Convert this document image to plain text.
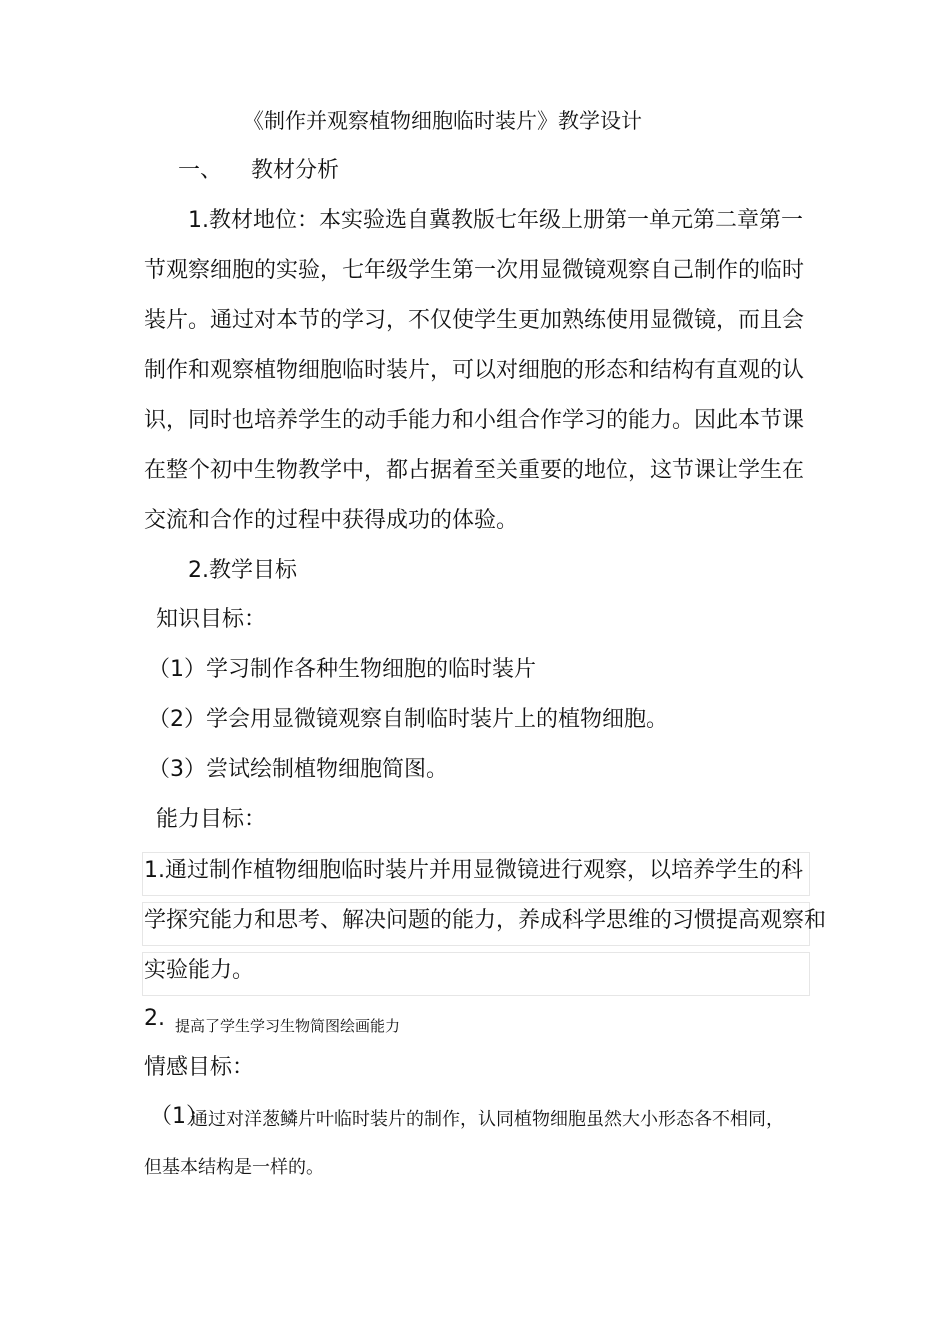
《制作并观察植物细胞临时装片》教学设计
一、 教材分析
1.教材地位：本实验选自冀教版七年级上册第一单元第二章第一
节观察细胞的实验，七年级学生第一次用显微镜观察自己制作的临时
装片。通过对本节的学习，不仅使学生更加熟练使用显微镜，而且会
制作和观察植物细胞临时装片，可以对细胞的形态和结构有直观的认
识，同时也培养学生的动手能力和小组合作学习的能力。因此本节课
在整个初中生物教学中，都占据着至关重要的地位，这节课让学生在
交流和合作的过程中获得成功的体验。
2.教学目标
知识目标：
（1）学习制作各种生物细胞的临时装片
（2）学会用显微镜观察自制临时装片上的植物细胞。
（3）尝试绘制植物细胞简图。
能力目标：
1.通过制作植物细胞临时装片并用显微镜进行观察，以培养学生的科
学探究能力和思考、解决问题的能力，养成科学思维的习惯提高观察和
实验能力。
2. 提高了学生学习生物简图绘画能力
情感目标：
（1）
通过对洋葱鳞片叶临时装片的制作，认同植物细胞虽然大小形态各不相同，
但基本结构是一样的。
